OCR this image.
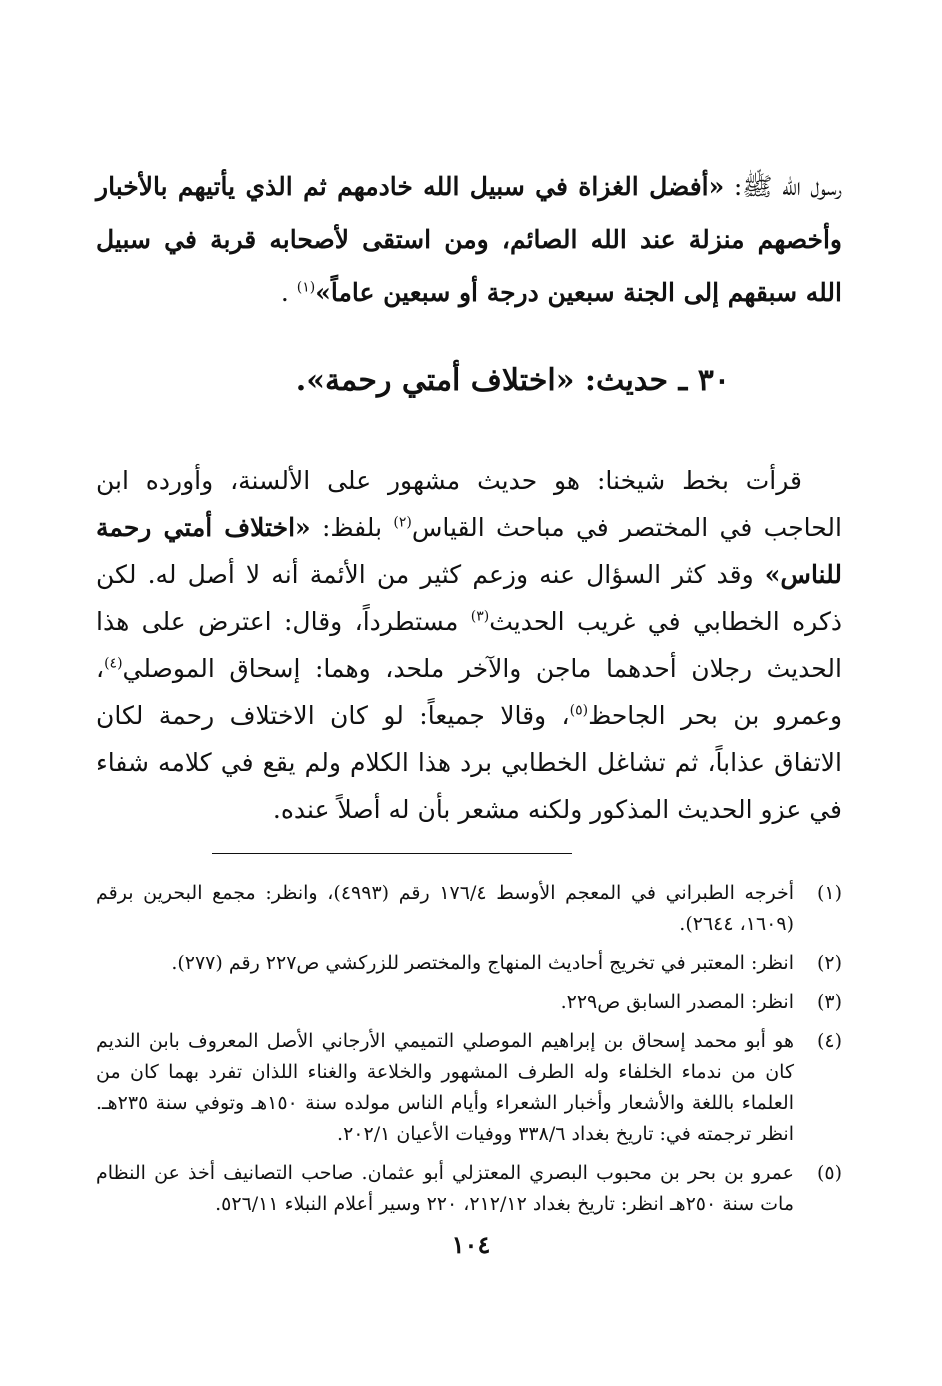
رسول الله ﷺ: «أفضل الغزاة في سبيل الله خادمهم ثم الذي يأتيهم بالأخبار وأخصهم منزلة عند الله الصائم، ومن استقى لأصحابه قربة في سبيل الله سبقهم إلى الجنة سبعين درجة أو سبعين عاماً»$^{(١)}$ .

٣٠ ـ حديث: «اختلاف أمتي رحمة».

قرأت بخط شيخنا: هو حديث مشهور على الألسنة، وأورده ابن الحاجب في المختصر في مباحث القياس$^{(٢)}$ بلفظ: «اختلاف أمتي رحمة للناس» وقد كثر السؤال عنه وزعم كثير من الأئمة أنه لا أصل له. لكن ذكره الخطابي في غريب الحديث$^{(٣)}$ مستطرداً، وقال: اعترض على هذا الحديث رجلان أحدهما ماجن والآخر ملحد، وهما: إسحاق الموصلي$^{(٤)}$، وعمرو بن بحر الجاحظ$^{(٥)}$، وقالا جميعاً: لو كان الاختلاف رحمة لكان الاتفاق عذاباً، ثم تشاغل الخطابي برد هذا الكلام ولم يقع في كلامه شفاء في عزو الحديث المذكور ولكنه مشعر بأن له أصلاً عنده.

(١)
أخرجه الطبراني في المعجم الأوسط ١٧٦/٤ رقم (٤٩٩٣)، وانظر: مجمع البحرين برقم (١٦٠٩، ٢٦٤٤).
(٢)
انظر: المعتبر في تخريج أحاديث المنهاج والمختصر للزركشي ص٢٢٧ رقم (٢٧٧).
(٣)
انظر: المصدر السابق ص٢٢٩.
(٤)
هو أبو محمد إسحاق بن إبراهيم الموصلي التميمي الأرجاني الأصل المعروف بابن النديم كان من ندماء الخلفاء وله الطرف المشهور والخلاعة والغناء اللذان تفرد بهما كان من العلماء باللغة والأشعار وأخبار الشعراء وأيام الناس مولده سنة ١٥٠هـ وتوفي سنة ٢٣٥هـ. انظر ترجمته في: تاريخ بغداد ٣٣٨/٦ ووفيات الأعيان ٢٠٢/١.
(٥)
عمرو بن بحر بن محبوب البصري المعتزلي أبو عثمان. صاحب التصانيف أخذ عن النظام مات سنة ٢٥٠هـ انظر: تاريخ بغداد ٢١٢/١٢، ٢٢٠ وسير أعلام النبلاء ٥٢٦/١١.
١٠٤
